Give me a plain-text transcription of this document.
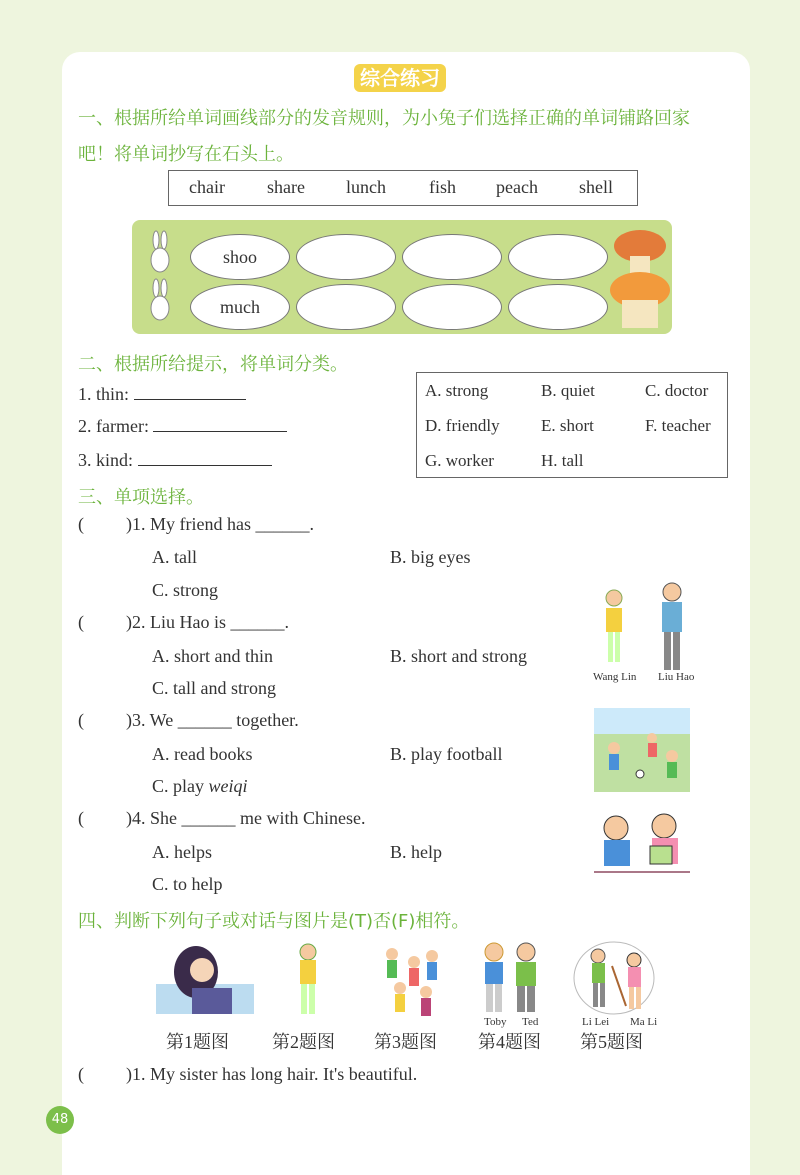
综合练习
一、根据所给单词画线部分的发音规则，为小兔子们选择正确的单词铺路回家
吧！将单词抄写在石头上。
chair share lunch fish peach shell
shoo
much
二、根据所给提示，将单词分类。
1. thin:
2. farmer:
3. kind:
A. strong	B. quiet	C. doctor
D. friendly E. short	F. teacher
G. worker	H. tall
三、单项选择。
( )1. My friend has ______.
A. tall	B. big eyes
C. strong
( )2. Liu Hao is ______.
A. short and thin	B. short and strong
C. tall and strong
( )3. We ______ together.
A. read books	B. play football
C. play weiqi
( )4. She ______ me with Chinese.
A. helps	B. help
C. to help
Wang Lin Liu Hao
四、判断下列句子或对话与图片是(T)否(F)相符。
Toby Ted	Li Lei Ma Li
第1题图 第2题图 第3题图 第4题图 第5题图
( )1. My sister has long hair. It's beautiful.
48
